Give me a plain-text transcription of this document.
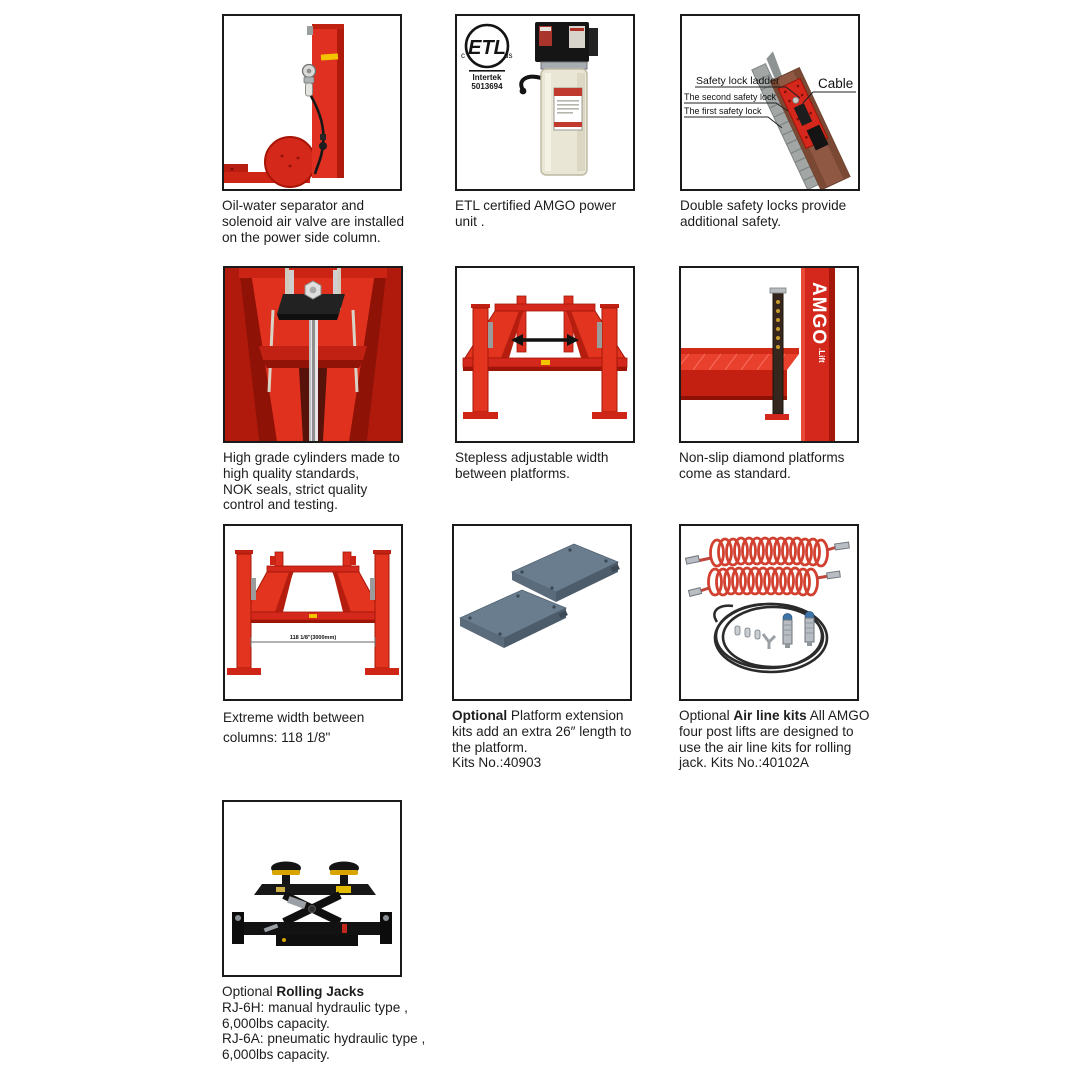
Oil-water separator and
solenoid air valve are installed
on the power side column.
ETL
c	us
Intertek
5013694
ETL certified AMGO power
unit .
Safety lock ladder	Cable
The second safety lock
The first safety lock
Double safety locks provide
additional safety.
High grade cylinders made to
high quality standards,
NOK seals, strict quality
control and testing.
Stepless adjustable width
between platforms.
AMGO
.Lift
Non-slip diamond platforms
come as standard.
118 1/8"(3000mm)
Extreme width between
columns: 118 1/8"
Optional Platform extension
kits add an extra 26″ length to
the platform.
Kits No.:40903
Optional Air line kits All AMGO
four post lifts are designed to
use the air line kits for rolling
jack. Kits No.:40102A
Optional Rolling Jacks
RJ-6H: manual hydraulic type ,
6,000lbs capacity.
RJ-6A: pneumatic hydraulic type ,
6,000lbs capacity.
